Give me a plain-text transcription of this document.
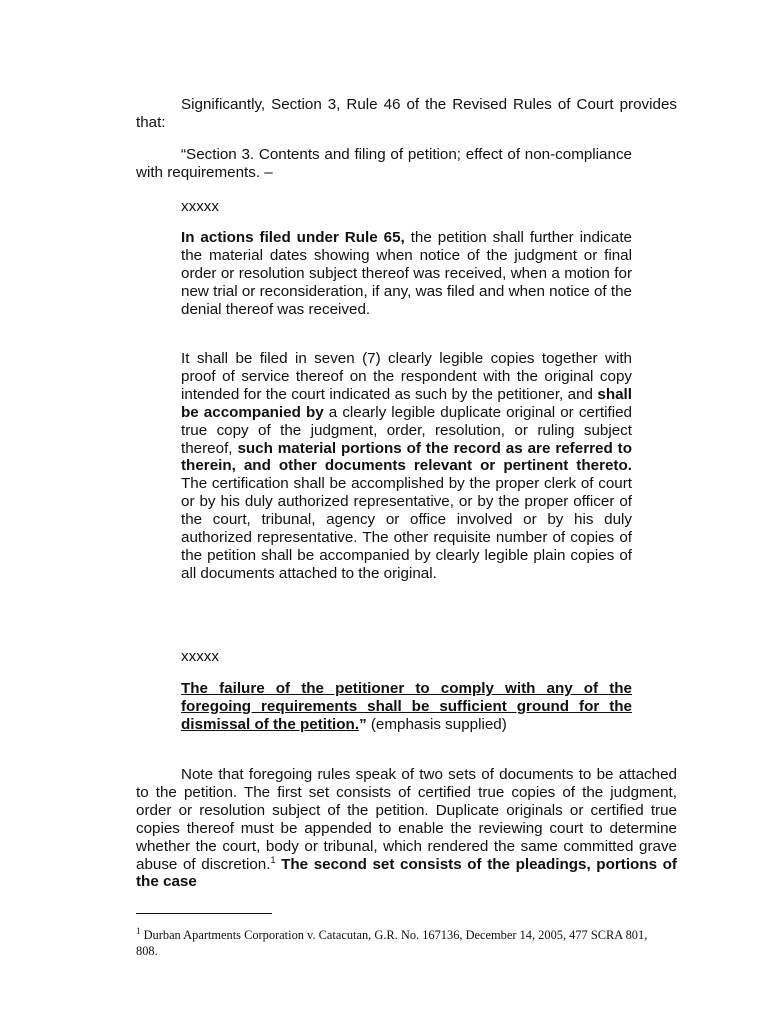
Significantly, Section 3, Rule 46 of the Revised Rules of Court provides that:

“Section 3. Contents and filing of petition; effect of non-compliance with requirements. –

xxxxx

In actions filed under Rule 65, the petition shall further indicate the material dates showing when notice of the judgment or final order or resolution subject thereof was received, when a motion for new trial or reconsideration, if any, was filed and when notice of the denial thereof was received.

It shall be filed in seven (7) clearly legible copies together with proof of service thereof on the respondent with the original copy intended for the court indicated as such by the petitioner, and shall be accompanied by a clearly legible duplicate original or certified true copy of the judgment, order, resolution, or ruling subject thereof, such material portions of the record as are referred to therein, and other documents relevant or pertinent thereto. The certification shall be accomplished by the proper clerk of court or by his duly authorized representative, or by the proper officer of the court, tribunal, agency or office involved or by his duly authorized representative. The other requisite number of copies of the petition shall be accompanied by clearly legible plain copies of all documents attached to the original.

xxxxx

The failure of the petitioner to comply with any of the foregoing requirements shall be sufficient ground for the dismissal of the petition.” (emphasis supplied)

Note that foregoing rules speak of two sets of documents to be attached to the petition. The first set consists of certified true copies of the judgment, order or resolution subject of the petition. Duplicate originals or certified true copies thereof must be appended to enable the reviewing court to determine whether the court, body or tribunal, which rendered the same committed grave abuse of discretion.$^1$ The second set consists of the pleadings, portions of the case

$^1$ Durban Apartments Corporation v. Catacutan, G.R. No. 167136, December 14, 2005, 477 SCRA 801, 808.
